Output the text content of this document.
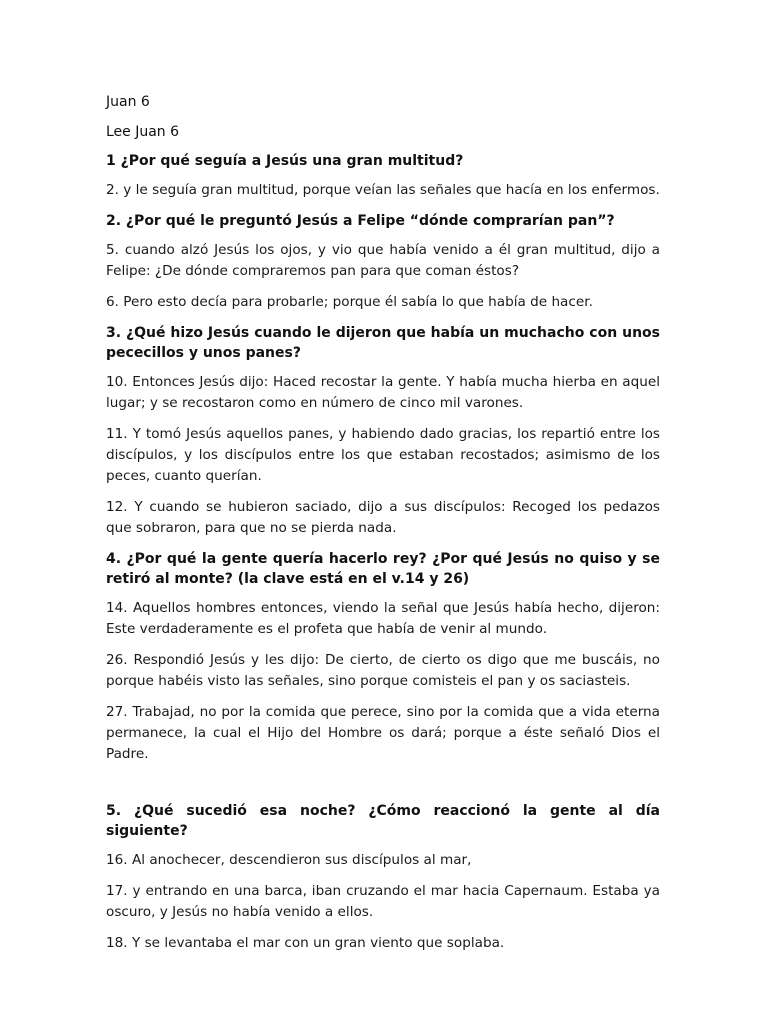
Juan 6
Lee Juan 6
1 ¿Por qué seguía a Jesús una gran multitud?
2. y le seguía gran multitud, porque veían las señales que hacía en los enfermos.
2. ¿Por qué le preguntó Jesús a Felipe “dónde comprarían pan”?
5. cuando alzó Jesús los ojos, y vio que había venido a él gran multitud, dijo a Felipe: ¿De dónde compraremos pan para que coman éstos?
6. Pero esto decía para probarle; porque él sabía lo que había de hacer.
3. ¿Qué hizo Jesús cuando le dijeron que había un muchacho con unos pececillos y unos panes?
10. Entonces Jesús dijo: Haced recostar la gente. Y había mucha hierba en aquel lugar; y se recostaron como en número de cinco mil varones.
11. Y tomó Jesús aquellos panes, y habiendo dado gracias, los repartió entre los discípulos, y los discípulos entre los que estaban recostados; asimismo de los peces, cuanto querían.
12. Y cuando se hubieron saciado, dijo a sus discípulos: Recoged los pedazos que sobraron, para que no se pierda nada.
4. ¿Por qué la gente quería hacerlo rey? ¿Por qué Jesús no quiso y se retiró al monte? (la clave está en el v.14 y 26)
14. Aquellos hombres entonces, viendo la señal que Jesús había hecho, dijeron: Este verdaderamente es el profeta que había de venir al mundo.
26. Respondió Jesús y les dijo: De cierto, de cierto os digo que me buscáis, no porque habéis visto las señales, sino porque comisteis el pan y os saciasteis.
27. Trabajad, no por la comida que perece, sino por la comida que a vida eterna permanece, la cual el Hijo del Hombre os dará; porque a éste señaló Dios el Padre.
5. ¿Qué sucedió esa noche? ¿Cómo reaccionó la gente al día siguiente?
16. Al anochecer, descendieron sus discípulos al mar,
17. y entrando en una barca, iban cruzando el mar hacia Capernaum. Estaba ya oscuro, y Jesús no había venido a ellos.
18. Y se levantaba el mar con un gran viento que soplaba.
